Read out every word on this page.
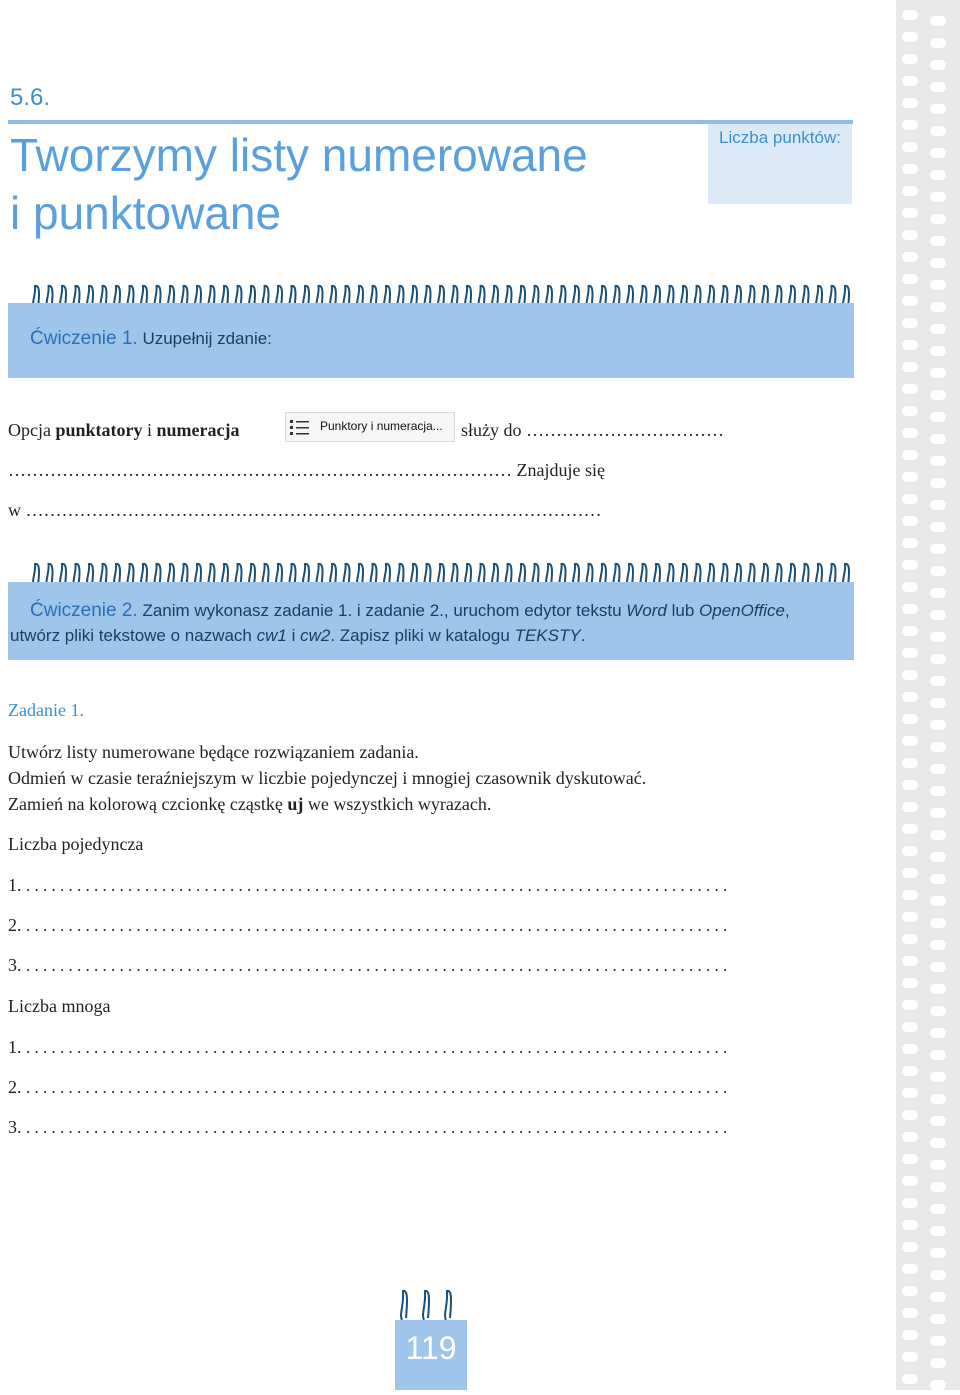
5.6.
Tworzymy listy numerowane
i punktowane
Liczba punktów:
Ćwiczenie 1. Uzupełnij zdanie:
Opcja punktatory i numeracja	Punktory i numeracja... służy do ……………………………
………………………………………………………………………… Znajduje się
w ……………………………………………………………………………………
Ćwiczenie 2. Zanim wykonasz zadanie 1. i zadanie 2., uruchom edytor tekstu Word lub OpenOffice,
utwórz pliki tekstowe o nazwach cw1 i cw2. Zapisz pliki w katalogu TEKSTY.
Zadanie 1.
Utwórz listy numerowane będące rozwiązaniem zadania.
Odmień w czasie teraźniejszym w liczbie pojedynczej i mnogiej czasownik dyskutować.
Zamień na kolorową czcionkę cząstkę uj we wszystkich wyrazach.
Liczba pojedyncza
1. . . . . . . . . . . . . . . . . . . . . . . . . . . . . . . . . . . . . . . . . . . . . . . . . . . . . . . . . . . . . . . . . . . . . . . . . . . . . . . . . . . .
2. . . . . . . . . . . . . . . . . . . . . . . . . . . . . . . . . . . . . . . . . . . . . . . . . . . . . . . . . . . . . . . . . . . . . . . . . . . . . . . . . . . .
3. . . . . . . . . . . . . . . . . . . . . . . . . . . . . . . . . . . . . . . . . . . . . . . . . . . . . . . . . . . . . . . . . . . . . . . . . . . . . . . . . . . .
Liczba mnoga
1. . . . . . . . . . . . . . . . . . . . . . . . . . . . . . . . . . . . . . . . . . . . . . . . . . . . . . . . . . . . . . . . . . . . . . . . . . . . . . . . . . . .
2. . . . . . . . . . . . . . . . . . . . . . . . . . . . . . . . . . . . . . . . . . . . . . . . . . . . . . . . . . . . . . . . . . . . . . . . . . . . . . . . . . . .
3. . . . . . . . . . . . . . . . . . . . . . . . . . . . . . . . . . . . . . . . . . . . . . . . . . . . . . . . . . . . . . . . . . . . . . . . . . . . . . . . . . . .
119
